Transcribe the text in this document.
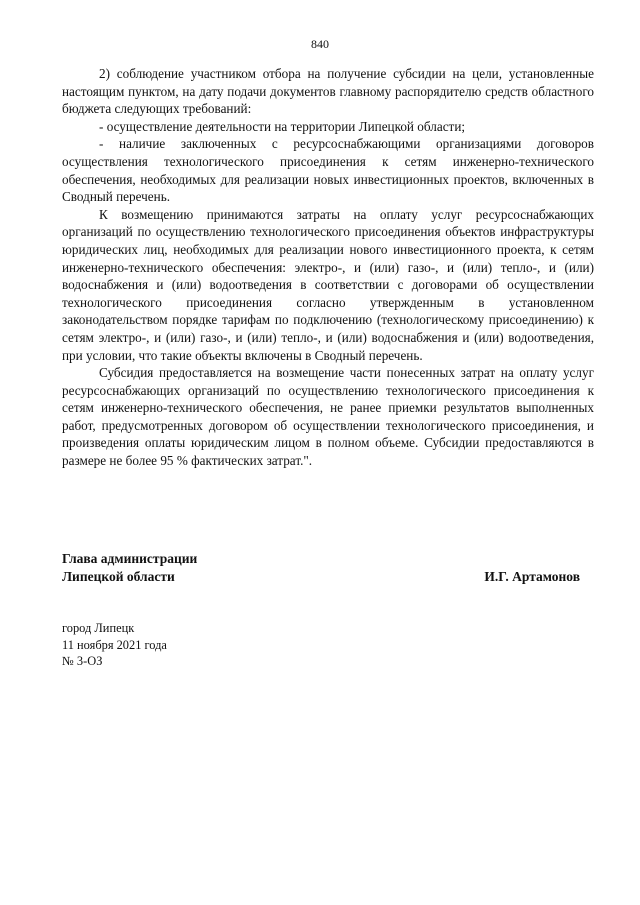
840

2) соблюдение участником отбора на получение субсидии на цели, установленные настоящим пунктом, на дату подачи документов главному распорядителю средств областного бюджета следующих требований:

- осуществление деятельности на территории Липецкой области;

- наличие заключенных с ресурсоснабжающими организациями договоров осуществления технологического присоединения к сетям инженерно-технического обеспечения, необходимых для реализации новых инвестиционных проектов, включенных в Сводный перечень.

К возмещению принимаются затраты на оплату услуг ресурсоснабжающих организаций по осуществлению технологического присоединения объектов инфраструктуры юридических лиц, необходимых для реализации нового инвестиционного проекта, к сетям инженерно-технического обеспечения: электро-, и (или) газо-, и (или) тепло-, и (или) водоснабжения и (или) водоотведения в соответствии с договорами об осуществлении технологического присоединения согласно утвержденным в установленном законодательством порядке тарифам по подключению (технологическому присоединению) к сетям электро-, и (или) газо-, и (или) тепло-, и (или) водоснабжения и (или) водоотведения, при условии, что такие объекты включены в Сводный перечень.

Субсидия предоставляется на возмещение части понесенных затрат на оплату услуг ресурсоснабжающих организаций по осуществлению технологического присоединения к сетям инженерно-технического обеспечения, не ранее приемки результатов выполненных работ, предусмотренных договором об осуществлении технологического присоединения, и произведения оплаты юридическим лицом в полном объеме. Субсидии предоставляются в размере не более 95 % фактических затрат.".

Глава администрации
Липецкой области	И.Г. Артамонов
город Липецк
11 ноября 2021 года
№ 3-ОЗ
